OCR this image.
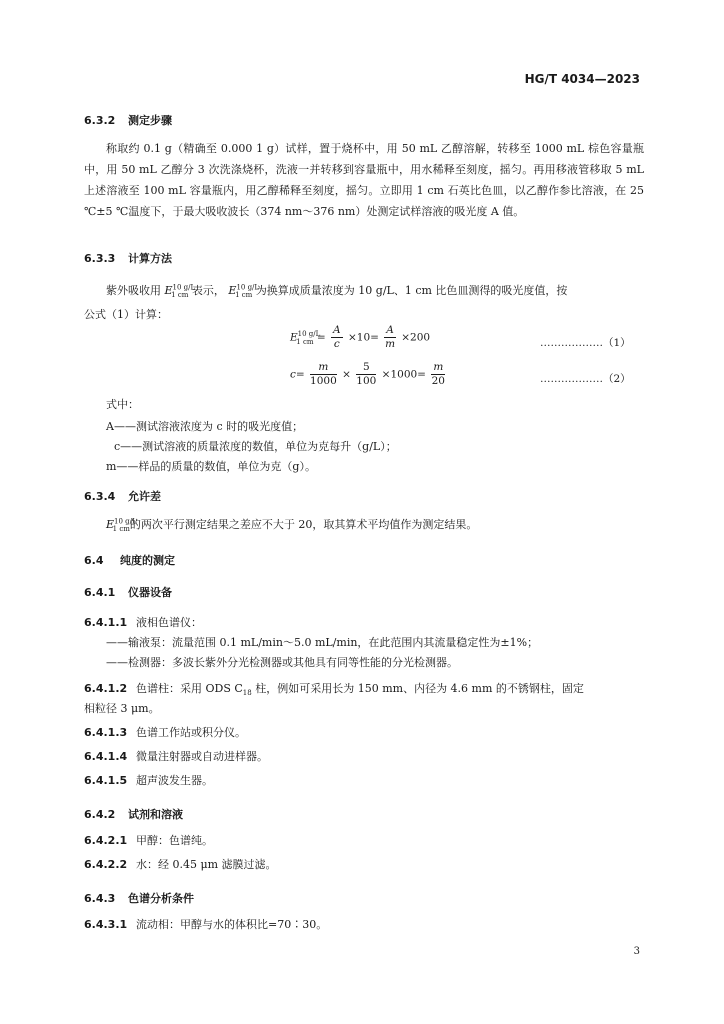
HG/T 4034—2023
6.3.2 测定步骤
称取约 0.1 g（精确至 0.000 1 g）试样，置于烧杯中，用 50 mL 乙醇溶解，转移至 1000 mL 棕色容量瓶中，用 50 mL 乙醇分 3 次洗涤烧杯，洗液一并转移到容量瓶中，用水稀释至刻度，摇匀。再用移液管移取 5 mL 上述溶液至 100 mL 容量瓶内，用乙醇稀释至刻度，摇匀。立即用 1 cm 石英比色皿，以乙醇作参比溶液，在 25 ℃±5 ℃温度下，于最大吸收波长（374 nm～376 nm）处测定试样溶液的吸光度 A 值。
6.3.3 计算方法
紫外吸收用 $E^{10 g/L}_{1 cm}$ 表示， $E^{10 g/L}_{1 cm}$ 为换算成质量浓度为 10 g/L、1 cm 比色皿测得的吸光度值，按
公式（1）计算：
$E^{10 g/L}_{1 cm} = \frac{A}{c} \times 10= \frac{A}{m} \times 200$	………………（1）
$c= \frac{m}{1000} \times \frac{5}{100} \times 1000= \frac{m}{20}$	………………（2）
式中：
A——测试溶液浓度为 c 时的吸光度值；
c——测试溶液的质量浓度的数值，单位为克每升（g/L）；
m——样品的质量的数值，单位为克（g）。
6.3.4 允许差
$E^{10 g/L}_{1 cm}$的两次平行测定结果之差应不大于 20，取其算术平均值作为测定结果。
6.4 纯度的测定
6.4.1 仪器设备
6.4.1.1 液相色谱仪：
——输液泵：流量范围 0.1 mL/min～5.0 mL/min，在此范围内其流量稳定性为±1%；
——检测器：多波长紫外分光检测器或其他具有同等性能的分光检测器。
6.4.1.2 色谱柱：采用 ODS $C_{18}$ 柱，例如可采用长为 150 mm、内径为 4.6 mm 的不锈钢柱，固定
相粒径 3 μm。
6.4.1.3 色谱工作站或积分仪。
6.4.1.4 微量注射器或自动进样器。
6.4.1.5 超声波发生器。
6.4.2 试剂和溶液
6.4.2.1 甲醇：色谱纯。
6.4.2.2 水：经 0.45 μm 滤膜过滤。
6.4.3 色谱分析条件
6.4.3.1 流动相：甲醇与水的体积比=70∶30。
3
